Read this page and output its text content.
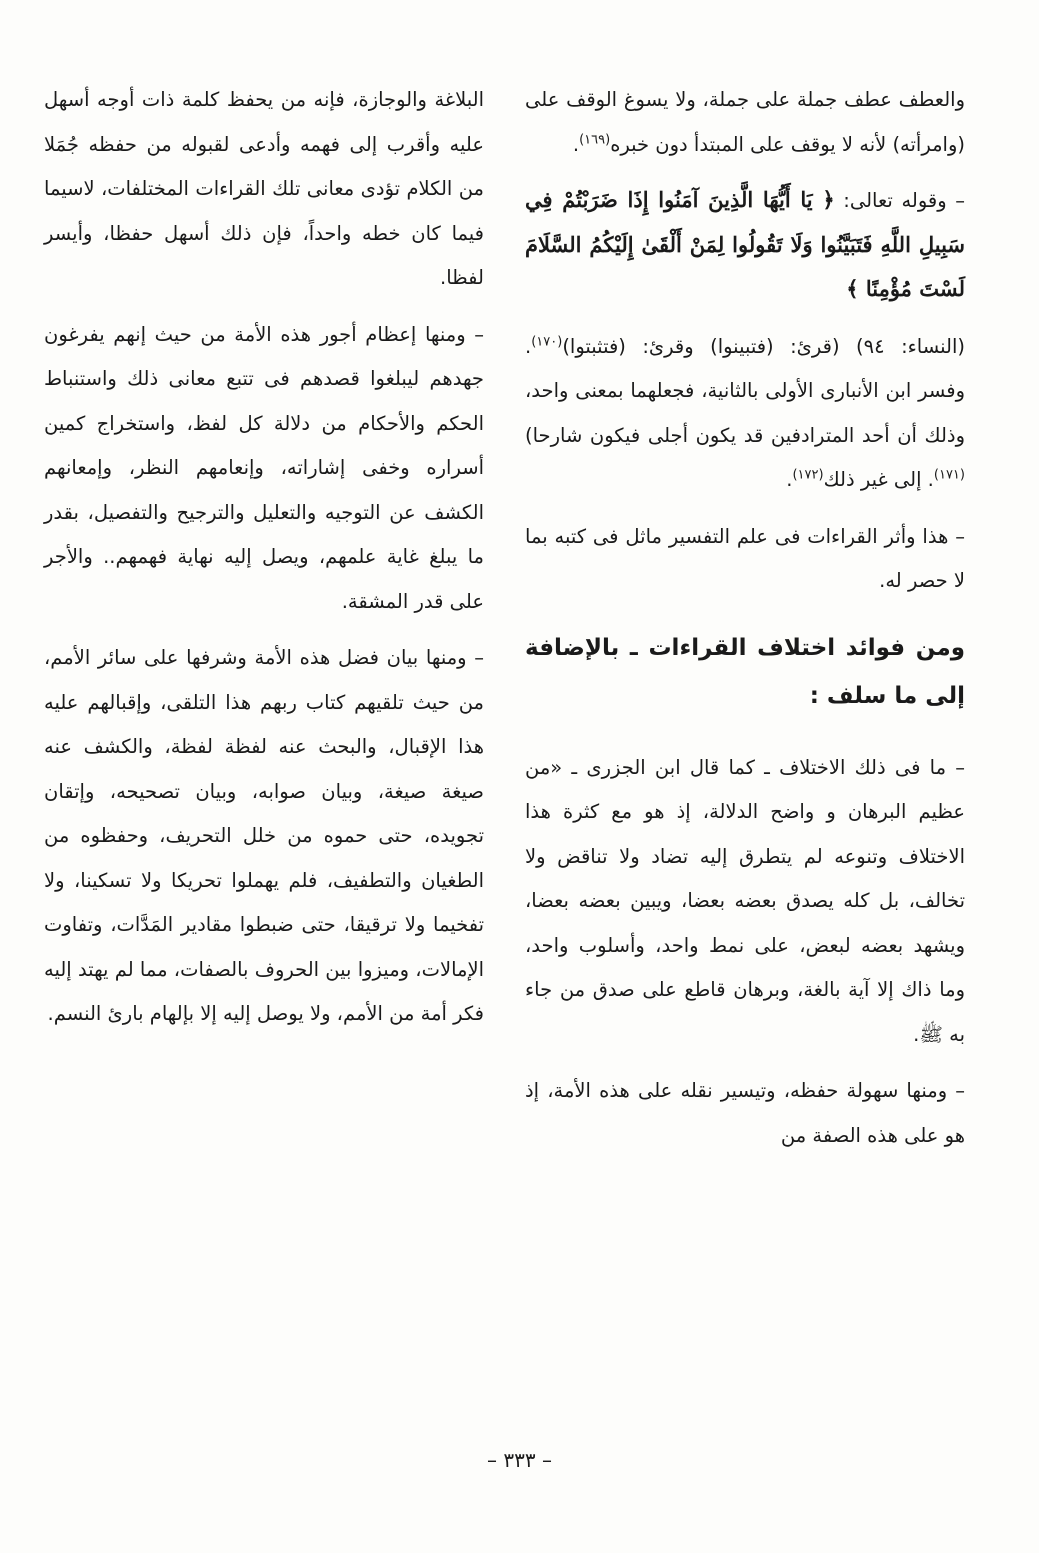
والعطف عطف جملة على جملة، ولا يسوغ الوقف على (وامرأته) لأنه لا يوقف على المبتدأ دون خبره$^{(١٦٩)}$.

– وقوله تعالى: ﴿ يَا أَيُّهَا الَّذِينَ آمَنُوا إِذَا ضَرَبْتُمْ فِي سَبِيلِ اللَّهِ فَتَبَيَّنُوا وَلَا تَقُولُوا لِمَنْ أَلْقَىٰ إِلَيْكُمُ السَّلَامَ لَسْتَ مُؤْمِنًا ﴾

(النساء: ٩٤) (قرئ: (فتبينوا) وقرئ: (فتثبتوا)$^{(١٧٠)}$. وفسر ابن الأنبارى الأولى بالثانية، فجعلهما بمعنى واحد، وذلك أن أحد المترادفين قد يكون أجلى فيكون شارحا)$^{(١٧١)}$. إلى غير ذلك$^{(١٧٢)}$.

– هذا وأثر القراءات فى علم التفسير ماثل فى كتبه بما لا حصر له.

ومن فوائد اختلاف القراءات ـ بالإضافة إلى ما سلف :

– ما فى ذلك الاختلاف ـ كما قال ابن الجزرى ـ «من عظيم البرهان و واضح الدلالة، إذ هو مع كثرة هذا الاختلاف وتنوعه لم يتطرق إليه تضاد ولا تناقض ولا تخالف، بل كله يصدق بعضه بعضا، ويبين بعضه بعضا، ويشهد بعضه لبعض، على نمط واحد، وأسلوب واحد، وما ذاك إلا آية بالغة، وبرهان قاطع على صدق من جاء به ﷺ.

– ومنها سهولة حفظه، وتيسير نقله على هذه الأمة، إذ هو على هذه الصفة من

البلاغة والوجازة، فإنه من يحفظ كلمة ذات أوجه أسهل عليه وأقرب إلى فهمه وأدعى لقبوله من حفظه جُمَلا من الكلام تؤدى معانى تلك القراءات المختلفات، لاسيما فيما كان خطه واحداً، فإن ذلك أسهل حفظا، وأيسر لفظا.

– ومنها إعظام أجور هذه الأمة من حيث إنهم يفرغون جهدهم ليبلغوا قصدهم فى تتبع معانى ذلك واستنباط الحكم والأحكام من دلالة كل لفظ، واستخراج كمين أسراره وخفى إشاراته، وإنعامهم النظر، وإمعانهم الكشف عن التوجيه والتعليل والترجيح والتفصيل، بقدر ما يبلغ غاية علمهم، ويصل إليه نهاية فهمهم.. والأجر على قدر المشقة.

– ومنها بيان فضل هذه الأمة وشرفها على سائر الأمم، من حيث تلقيهم كتاب ربهم هذا التلقى، وإقبالهم عليه هذا الإقبال، والبحث عنه لفظة لفظة، والكشف عنه صيغة صيغة، وبيان صوابه، وبيان تصحيحه، وإتقان تجويده، حتى حموه من خلل التحريف، وحفظوه من الطغيان والتطفيف، فلم يهملوا تحريكا ولا تسكينا، ولا تفخيما ولا ترقيقا، حتى ضبطوا مقادير المَدَّات، وتفاوت الإمالات، وميزوا بين الحروف بالصفات، مما لم يهتد إليه فكر أمة من الأمم، ولا يوصل إليه إلا بإلهام بارئ النسم.

– ٣٣٣ –
